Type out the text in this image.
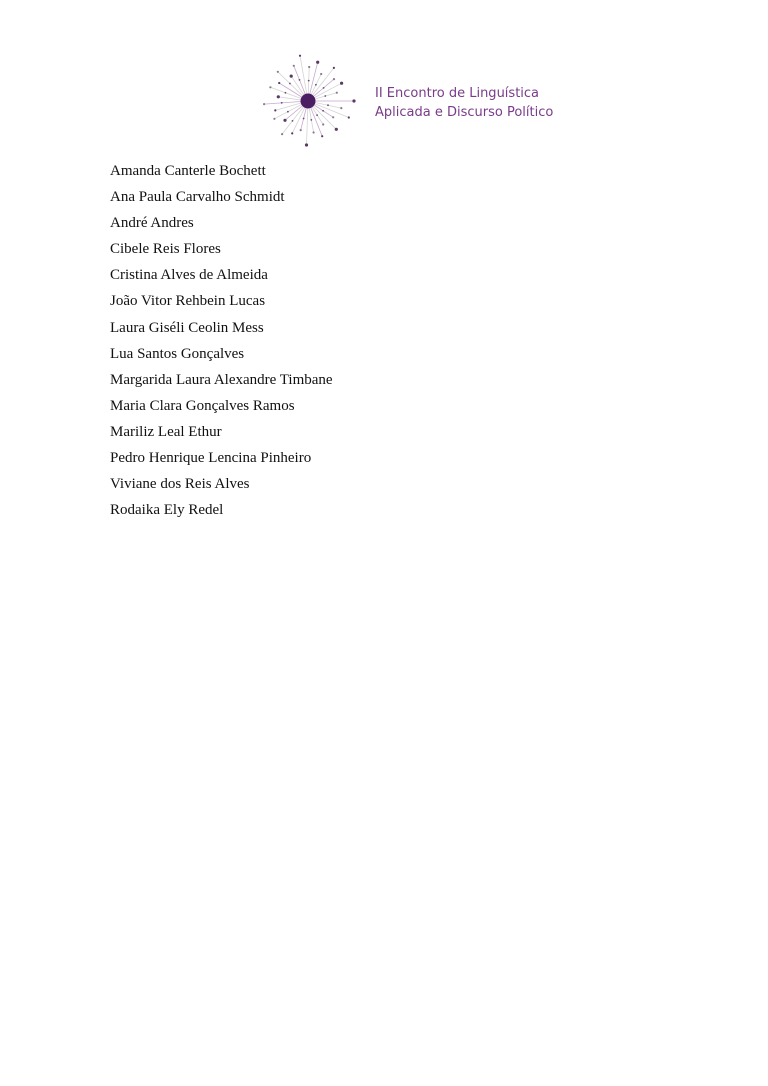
II Encontro de Linguística
Aplicada e Discurso Político
Amanda Canterle Bochett
Ana Paula Carvalho Schmidt
André Andres
Cibele Reis Flores
Cristina Alves de Almeida
João Vitor Rehbein Lucas
Laura Giséli Ceolin Mess
Lua Santos Gonçalves
Margarida Laura Alexandre Timbane
Maria Clara Gonçalves Ramos
Mariliz Leal Ethur
Pedro Henrique Lencina Pinheiro
Viviane dos Reis Alves
Rodaika Ely Redel
